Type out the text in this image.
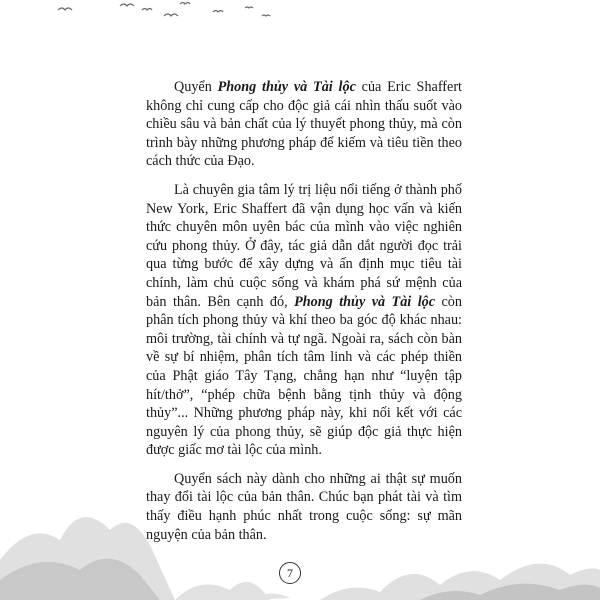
Quyển Phong thủy và Tài lộc của Eric Shaffert không chỉ cung cấp cho độc giả cái nhìn thấu suốt vào chiều sâu và bản chất của lý thuyết phong thủy, mà còn trình bày những phương pháp để kiếm và tiêu tiền theo cách thức của Đạo.

Là chuyên gia tâm lý trị liệu nổi tiếng ở thành phố New York, Eric Shaffert đã vận dụng học vấn và kiến thức chuyên môn uyên bác của mình vào việc nghiên cứu phong thủy. Ở đây, tác giả dẫn dắt người đọc trải qua từng bước để xây dựng và ấn định mục tiêu tài chính, làm chủ cuộc sống và khám phá sứ mệnh của bản thân. Bên cạnh đó, Phong thủy và Tài lộc còn phân tích phong thủy và khí theo ba góc độ khác nhau: môi trường, tài chính và tự ngã. Ngoài ra, sách còn bàn về sự bí nhiệm, phân tích tâm linh và các phép thiền của Phật giáo Tây Tạng, chẳng hạn như “luyện tập hít/thở”, “phép chữa bệnh bằng tịnh thủy và động thủy”... Những phương pháp này, khi nối kết với các nguyên lý của phong thủy, sẽ giúp độc giả thực hiện được giấc mơ tài lộc của mình.

Quyển sách này dành cho những ai thật sự muốn thay đổi tài lộc của bản thân. Chúc bạn phát tài và tìm thấy điều hạnh phúc nhất trong cuộc sống: sự mãn nguyện của bản thân.

7
